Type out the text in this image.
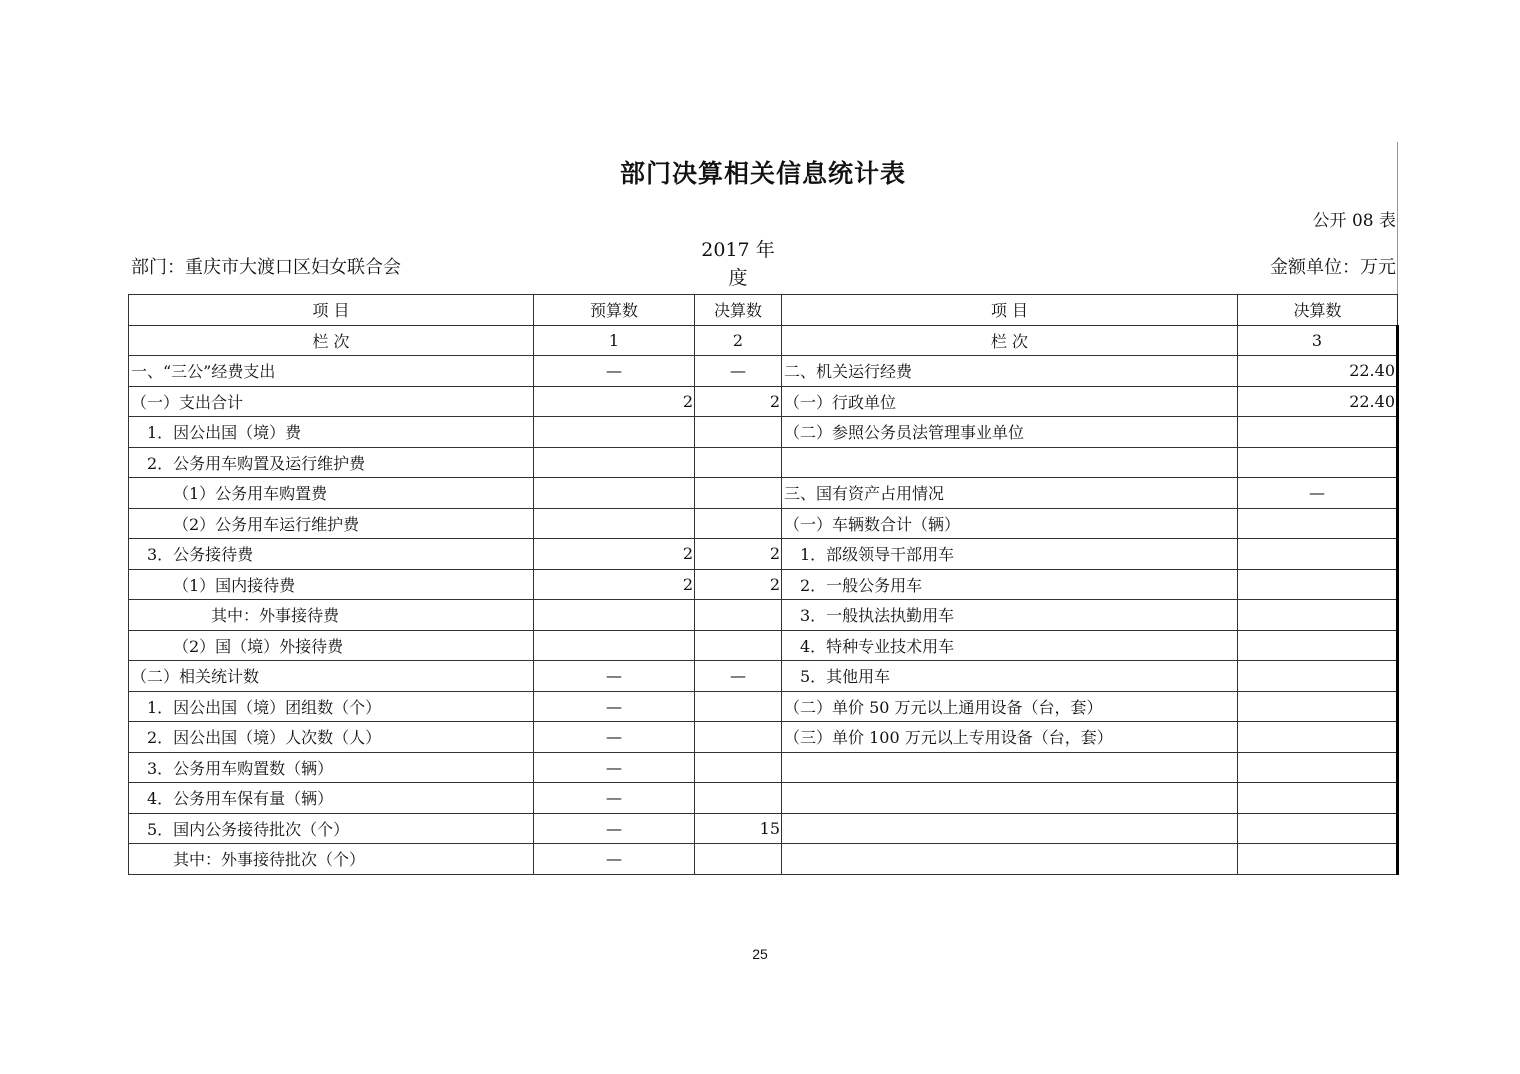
部门决算相关信息统计表
公开 08 表
部门：重庆市大渡口区妇女联合会
2017 年度	金额单位：万元
项 目	预算数	决算数	项 目	决算数
栏 次	1	2	栏 次	3
一、“三公”经费支出	—	—	二、机关运行经费	22.40
（一）支出合计	2	2	（一）行政单位	22.40
1．因公出国（境）费			（二）参照公务员法管理事业单位	
2．公务用车购置及运行维护费				
（1）公务用车购置费			三、国有资产占用情况	—
（2）公务用车运行维护费			（一）车辆数合计（辆）	
3．公务接待费	2	2	1．部级领导干部用车	
（1）国内接待费	2	2	2．一般公务用车	
其中：外事接待费			3．一般执法执勤用车	
（2）国（境）外接待费			4．特种专业技术用车	
（二）相关统计数	—	—	5．其他用车	
1．因公出国（境）团组数（个）	—		（二）单价 50 万元以上通用设备（台，套）	
2．因公出国（境）人次数（人）	—		（三）单价 100 万元以上专用设备（台，套）	
3．公务用车购置数（辆）	—			
4．公务用车保有量（辆）	—			
5．国内公务接待批次（个）	—	15		
其中：外事接待批次（个）	—			
25
